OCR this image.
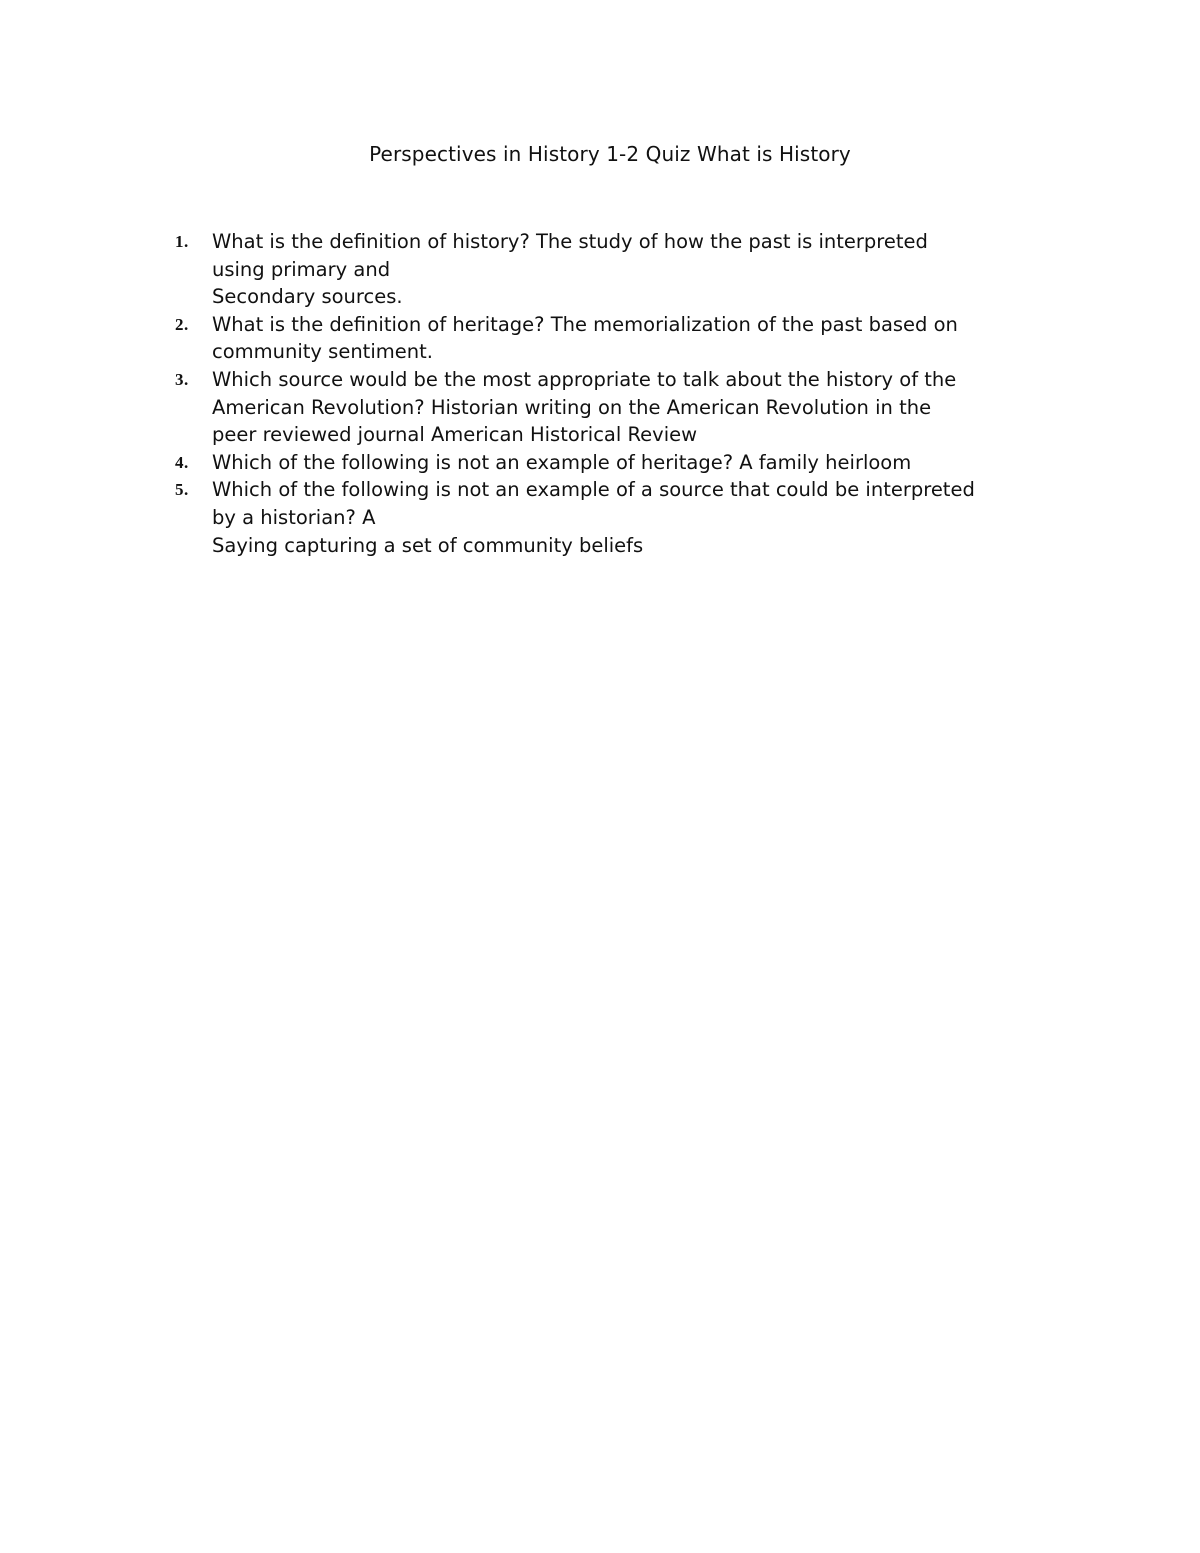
Perspectives in History 1-2 Quiz What is History
1. What is the definition of history? The study of how the past is interpreted
using primary and
Secondary sources.
2. What is the definition of heritage? The memorialization of the past based on
community sentiment.
3. Which source would be the most appropriate to talk about the history of the
American Revolution? Historian writing on the American Revolution in the
peer reviewed journal American Historical Review
4. Which of the following is not an example of heritage? A family heirloom
5. Which of the following is not an example of a source that could be interpreted
by a historian? A
Saying capturing a set of community beliefs
